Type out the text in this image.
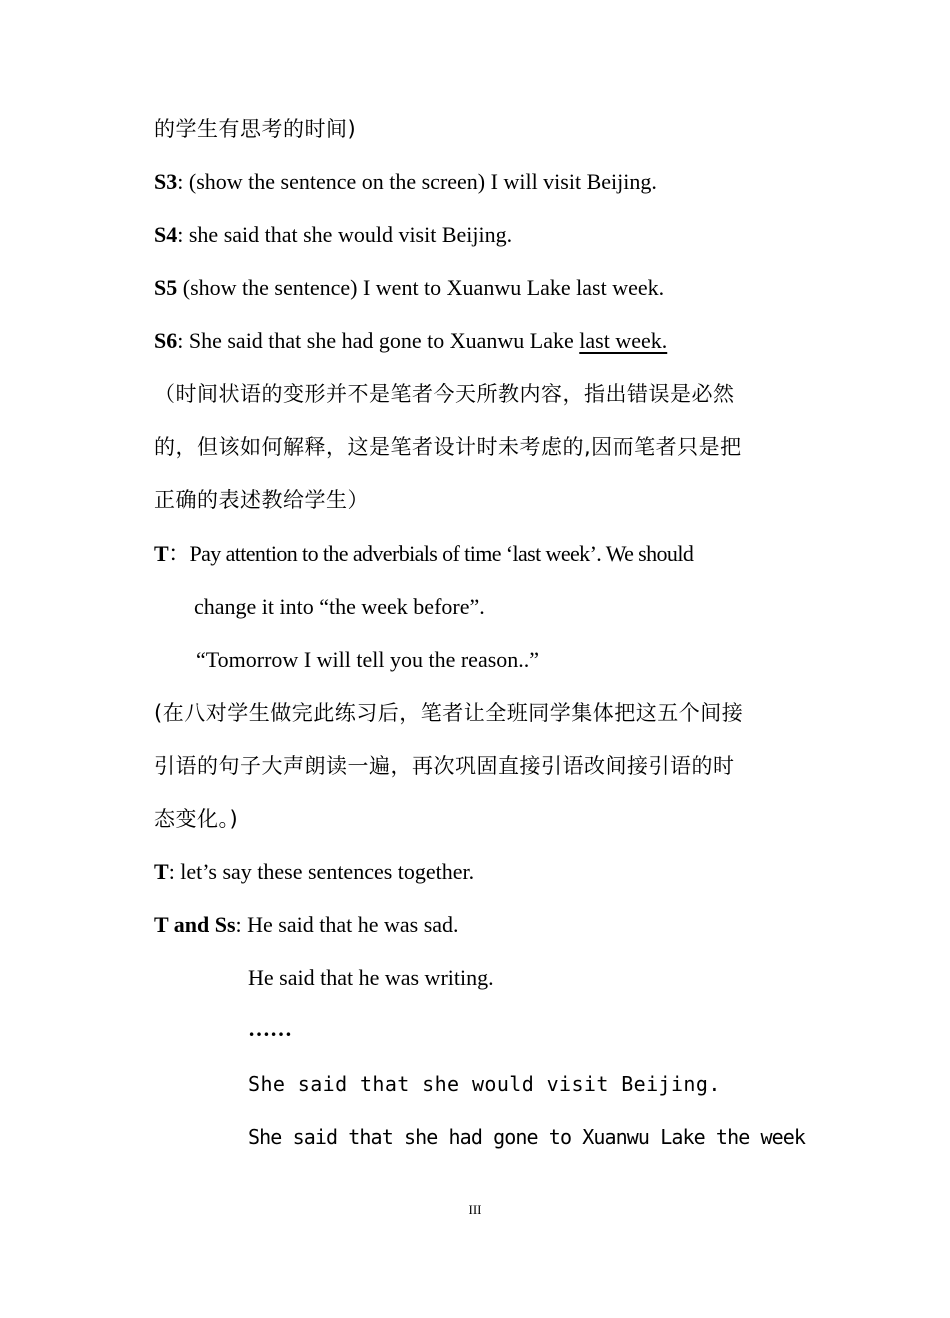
的学生有思考的时间)
S3: (show the sentence on the screen) I will visit Beijing.
S4: she said that she would visit Beijing.
S5 (show the sentence) I went to Xuanwu Lake last week.
S6: She said that she had gone to Xuanwu Lake last week.
（时间状语的变形并不是笔者今天所教内容，指出错误是必然
的，但该如何解释，这是笔者设计时未考虑的,因而笔者只是把
正确的表述教给学生）
T：Pay attention to the adverbials of time ‘last week’. We should
change it into “the week before”.
“Tomorrow I will tell you the reason..”
(在八对学生做完此练习后，笔者让全班同学集体把这五个间接
引语的句子大声朗读一遍，再次巩固直接引语改间接引语的时
态变化。)
T: let’s say these sentences together.
T and Ss: He said that he was sad.
He said that he was writing.
……
She said that she would visit Beijing.
She said that she had gone to Xuanwu Lake the week
III
